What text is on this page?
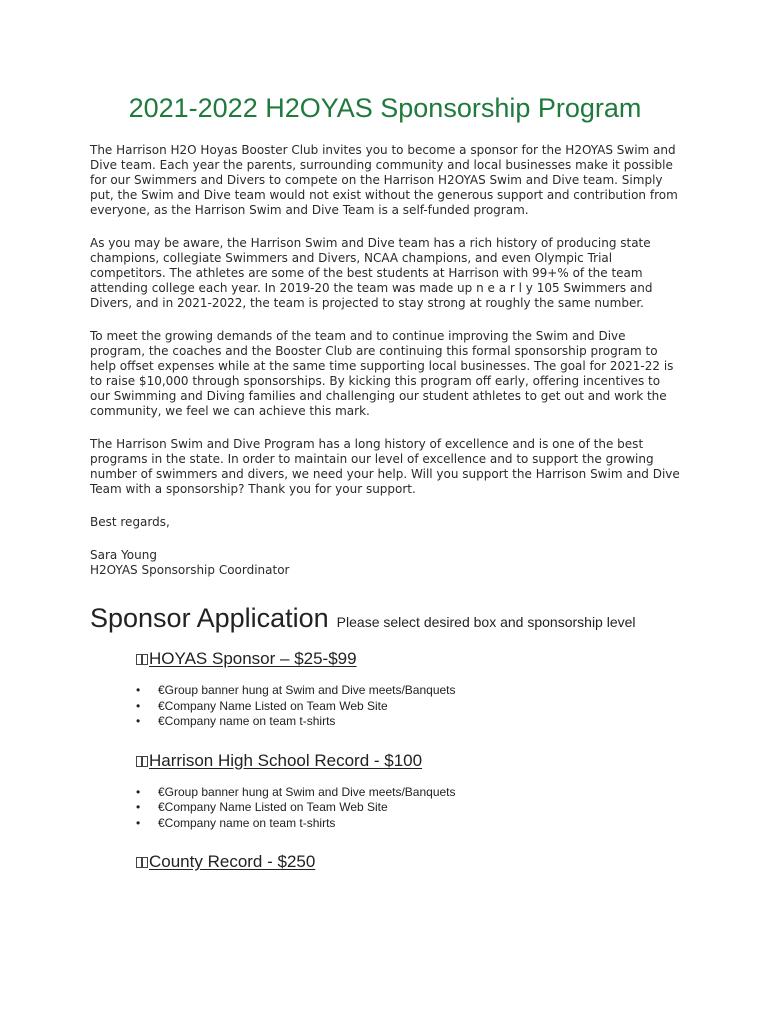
2021-2022 H2OYAS Sponsorship Program

The Harrison H2O Hoyas Booster Club invites you to become a sponsor for the H2OYAS Swim and Dive team. Each year the parents, surrounding community and local businesses make it possible for our Swimmers and Divers to compete on the Harrison H2OYAS Swim and Dive team. Simply put, the Swim and Dive team would not exist without the generous support and contribution from everyone, as the Harrison Swim and Dive Team is a self-funded program.

As you may be aware, the Harrison Swim and Dive team has a rich history of producing state champions, collegiate Swimmers and Divers, NCAA champions, and even Olympic Trial competitors. The athletes are some of the best students at Harrison with 99+% of the team attending college each year. In 2019-20 the team was made up n e a r l y 105 Swimmers and Divers, and in 2021-2022, the team is projected to stay strong at roughly the same number.

To meet the growing demands of the team and to continue improving the Swim and Dive program, the coaches and the Booster Club are continuing this formal sponsorship program to help offset expenses while at the same time supporting local businesses. The goal for 2021-22 is to raise $10,000 through sponsorships. By kicking this program off early, offering incentives to our Swimming and Diving families and challenging our student athletes to get out and work the community, we feel we can achieve this mark.

The Harrison Swim and Dive Program has a long history of excellence and is one of the best programs in the state. In order to maintain our level of excellence and to support the growing number of swimmers and divers, we need your help. Will you support the Harrison Swim and Dive Team with a sponsorship? Thank you for your support.

Best regards,

Sara Young

H2OYAS Sponsorship Coordinator

Sponsor Application Please select desired box and sponsorship level
HOYAS Sponsor – $25-$99
• €Group banner hung at Swim and Dive meets/Banquets
• €Company Name Listed on Team Web Site
• €Company name on team t-shirts
Harrison High School Record - $100
• €Group banner hung at Swim and Dive meets/Banquets
• €Company Name Listed on Team Web Site
• €Company name on team t-shirts
County Record - $250
